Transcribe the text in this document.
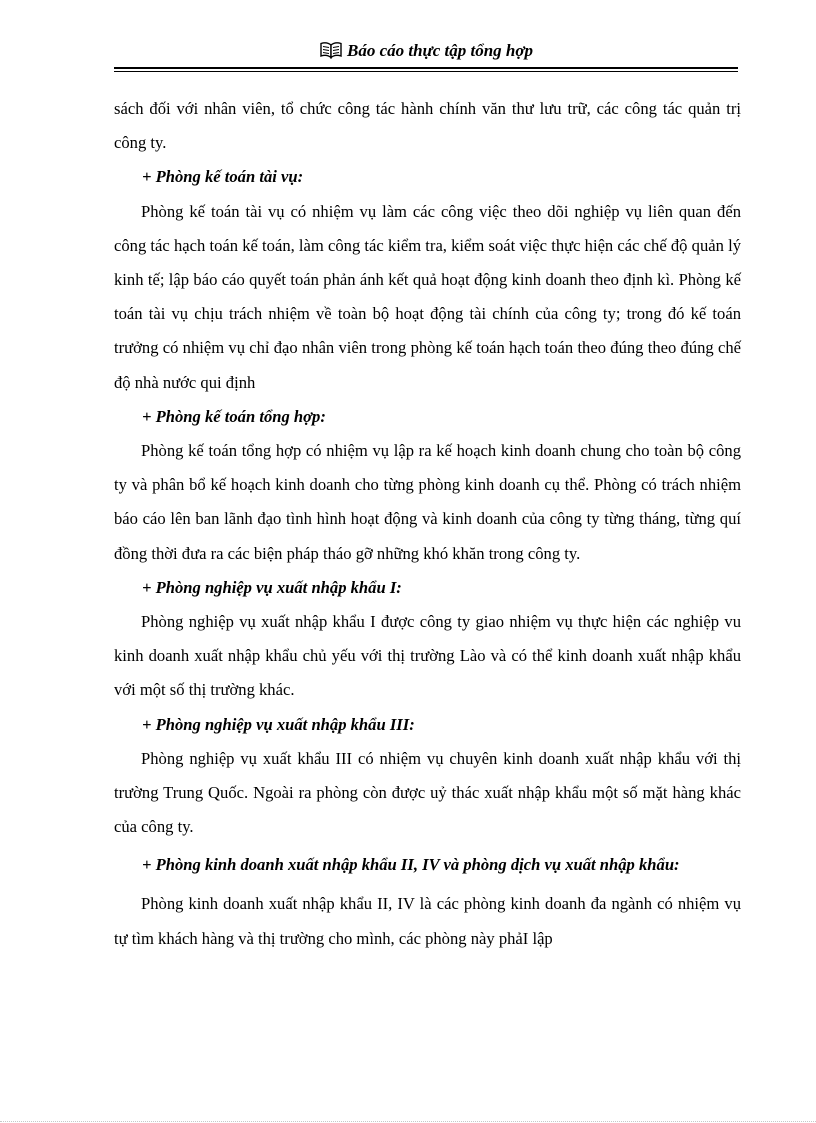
Báo cáo thực tập tổng hợp

sách đối với nhân viên, tổ chức công tác hành chính văn thư lưu trữ, các công tác quản trị công ty.

+ Phòng kế toán tài vụ:

Phòng kế toán tài vụ có nhiệm vụ làm các công việc theo dõi nghiệp vụ liên quan đến công tác hạch toán kế toán, làm công tác kiểm tra, kiểm soát việc thực hiện các chế độ quản lý kinh tế; lập báo cáo quyết toán phản ánh kết quả hoạt động kinh doanh theo định kì. Phòng kế toán tài vụ chịu trách nhiệm về toàn bộ hoạt động tài chính của công ty; trong đó kế toán trưởng có nhiệm vụ chỉ đạo nhân viên trong phòng kế toán hạch toán theo đúng theo đúng chế độ nhà nước qui định

+ Phòng kế toán tổng hợp:

Phòng kế toán tổng hợp có nhiệm vụ lập ra kế hoạch kinh doanh chung cho toàn bộ công ty và phân bổ kế hoạch kinh doanh cho từng phòng kinh doanh cụ thể. Phòng có trách nhiệm báo cáo lên ban lãnh đạo tình hình hoạt động và kinh doanh của công ty từng tháng, từng quí đồng thời đưa ra các biện pháp tháo gỡ những khó khăn trong công ty.

+ Phòng nghiệp vụ xuất nhập khẩu I:

Phòng nghiệp vụ xuất nhập khẩu I được công ty giao nhiệm vụ thực hiện các nghiệp vu kinh doanh xuất nhập khẩu chủ yếu với thị trường Lào và có thể kinh doanh xuất nhập khẩu với một số thị trường khác.

+ Phòng nghiệp vụ xuất nhập khẩu III:

Phòng nghiệp vụ xuất khẩu III có nhiệm vụ chuyên kinh doanh xuất nhập khẩu với thị trường Trung Quốc. Ngoài ra phòng còn được uỷ thác xuất nhập khẩu một số mặt hàng khác của công ty.

+ Phòng kinh doanh xuất nhập khẩu II, IV và phòng dịch vụ xuất nhập khẩu:

Phòng kinh doanh xuất nhập khẩu II, IV là các phòng kinh doanh đa ngành có nhiệm vụ tự tìm khách hàng và thị trường cho mình, các phòng này phảI lập
